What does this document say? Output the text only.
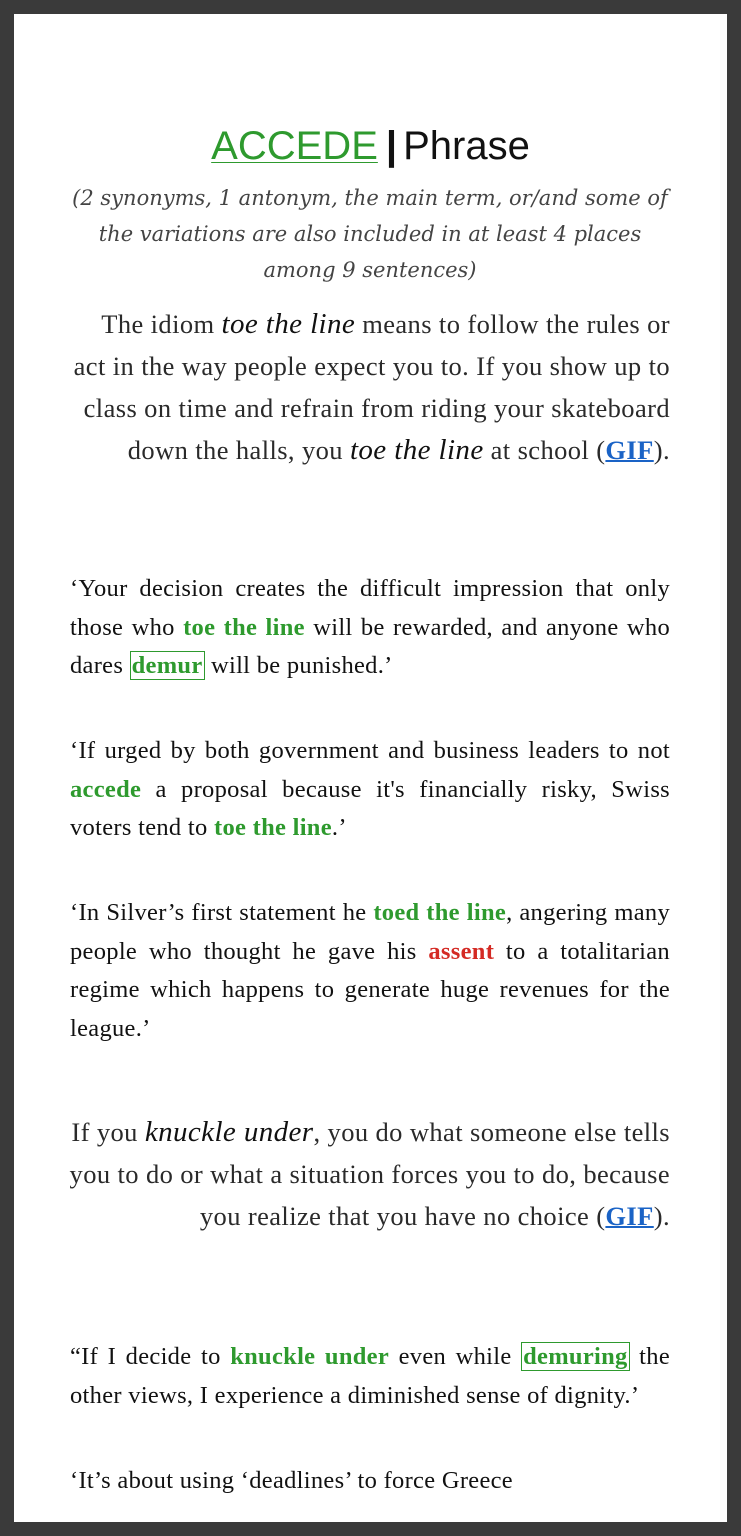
ACCEDE | Phrase
(2 synonyms, 1 antonym, the main term, or/and some of the variations are also included in at least 4 places among 9 sentences)
The idiom toe the line means to follow the rules or act in the way people expect you to. If you show up to class on time and refrain from riding your skateboard down the halls, you toe the line at school (GIF).
‘Your decision creates the difficult impression that only those who toe the line will be rewarded, and anyone who dares demur will be punished.’
‘If urged by both government and business leaders to not accede a proposal because it's financially risky, Swiss voters tend to toe the line.’
‘In Silver’s first statement he toed the line, angering many people who thought he gave his assent to a totalitarian regime which happens to generate huge revenues for the league.’
If you knuckle under, you do what someone else tells you to do or what a situation forces you to do, because you realize that you have no choice (GIF).
“If I decide to knuckle under even while demuring the other views, I experience a diminished sense of dignity.’
‘It’s about using ‘deadlines’ to force Greece
